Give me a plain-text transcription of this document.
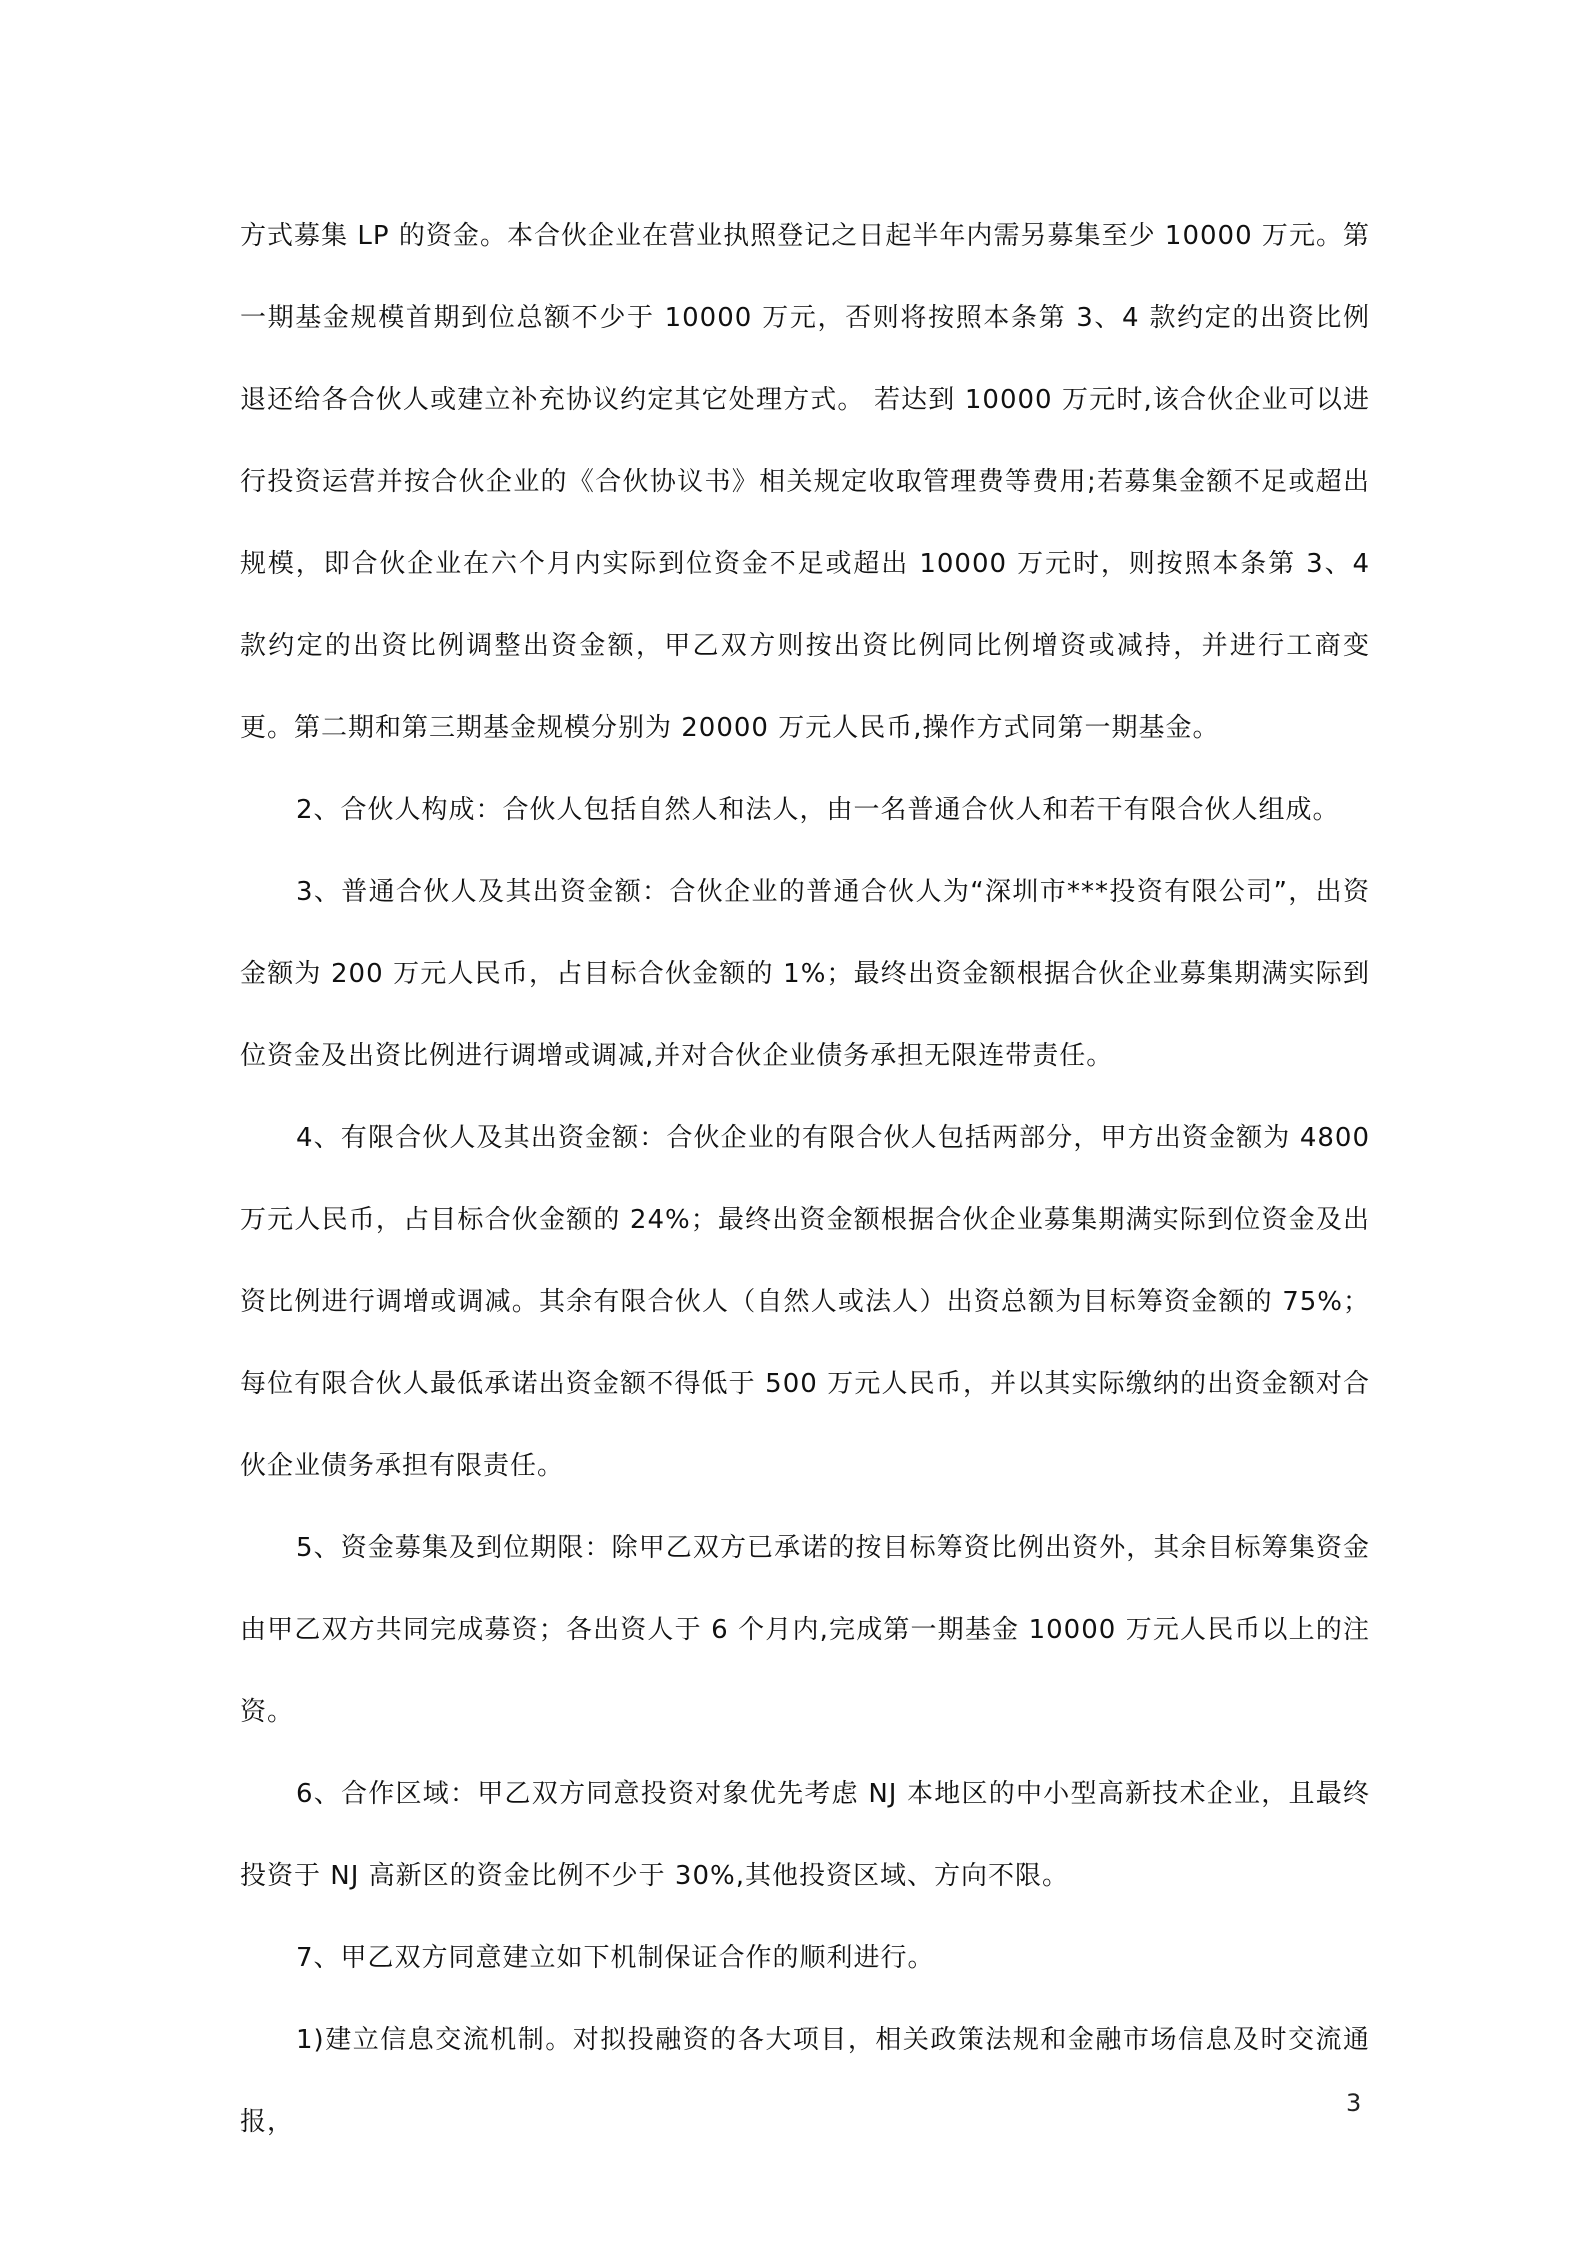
方式募集 LP 的资金。本合伙企业在营业执照登记之日起半年内需另募集至少 10000 万元。第一期基金规模首期到位总额不少于 10000 万元，否则将按照本条第 3、4 款约定的出资比例退还给各合伙人或建立补充协议约定其它处理方式。 若达到 10000 万元时,该合伙企业可以进行投资运营并按合伙企业的《合伙协议书》相关规定收取管理费等费用;若募集金额不足或超出规模，即合伙企业在六个月内实际到位资金不足或超出 10000 万元时，则按照本条第 3、4 款约定的出资比例调整出资金额，甲乙双方则按出资比例同比例增资或减持，并进行工商变更。第二期和第三期基金规模分别为 20000 万元人民币,操作方式同第一期基金。

2、合伙人构成：合伙人包括自然人和法人，由一名普通合伙人和若干有限合伙人组成。

3、普通合伙人及其出资金额：合伙企业的普通合伙人为“深圳市***投资有限公司”，出资金额为 200 万元人民币，占目标合伙金额的 1%；最终出资金额根据合伙企业募集期满实际到位资金及出资比例进行调增或调减,并对合伙企业债务承担无限连带责任。

4、有限合伙人及其出资金额：合伙企业的有限合伙人包括两部分，甲方出资金额为 4800 万元人民币，占目标合伙金额的 24%；最终出资金额根据合伙企业募集期满实际到位资金及出资比例进行调增或调减。其余有限合伙人（自然人或法人）出资总额为目标筹资金额的 75%；每位有限合伙人最低承诺出资金额不得低于 500 万元人民币，并以其实际缴纳的出资金额对合伙企业债务承担有限责任。

5、资金募集及到位期限：除甲乙双方已承诺的按目标筹资比例出资外，其余目标筹集资金由甲乙双方共同完成募资；各出资人于 6 个月内,完成第一期基金 10000 万元人民币以上的注资。

6、合作区域：甲乙双方同意投资对象优先考虑 NJ 本地区的中小型高新技术企业，且最终投资于 NJ 高新区的资金比例不少于 30%,其他投资区域、方向不限。

7、甲乙双方同意建立如下机制保证合作的顺利进行。

1)建立信息交流机制。对拟投融资的各大项目，相关政策法规和金融市场信息及时交流通报，

3
